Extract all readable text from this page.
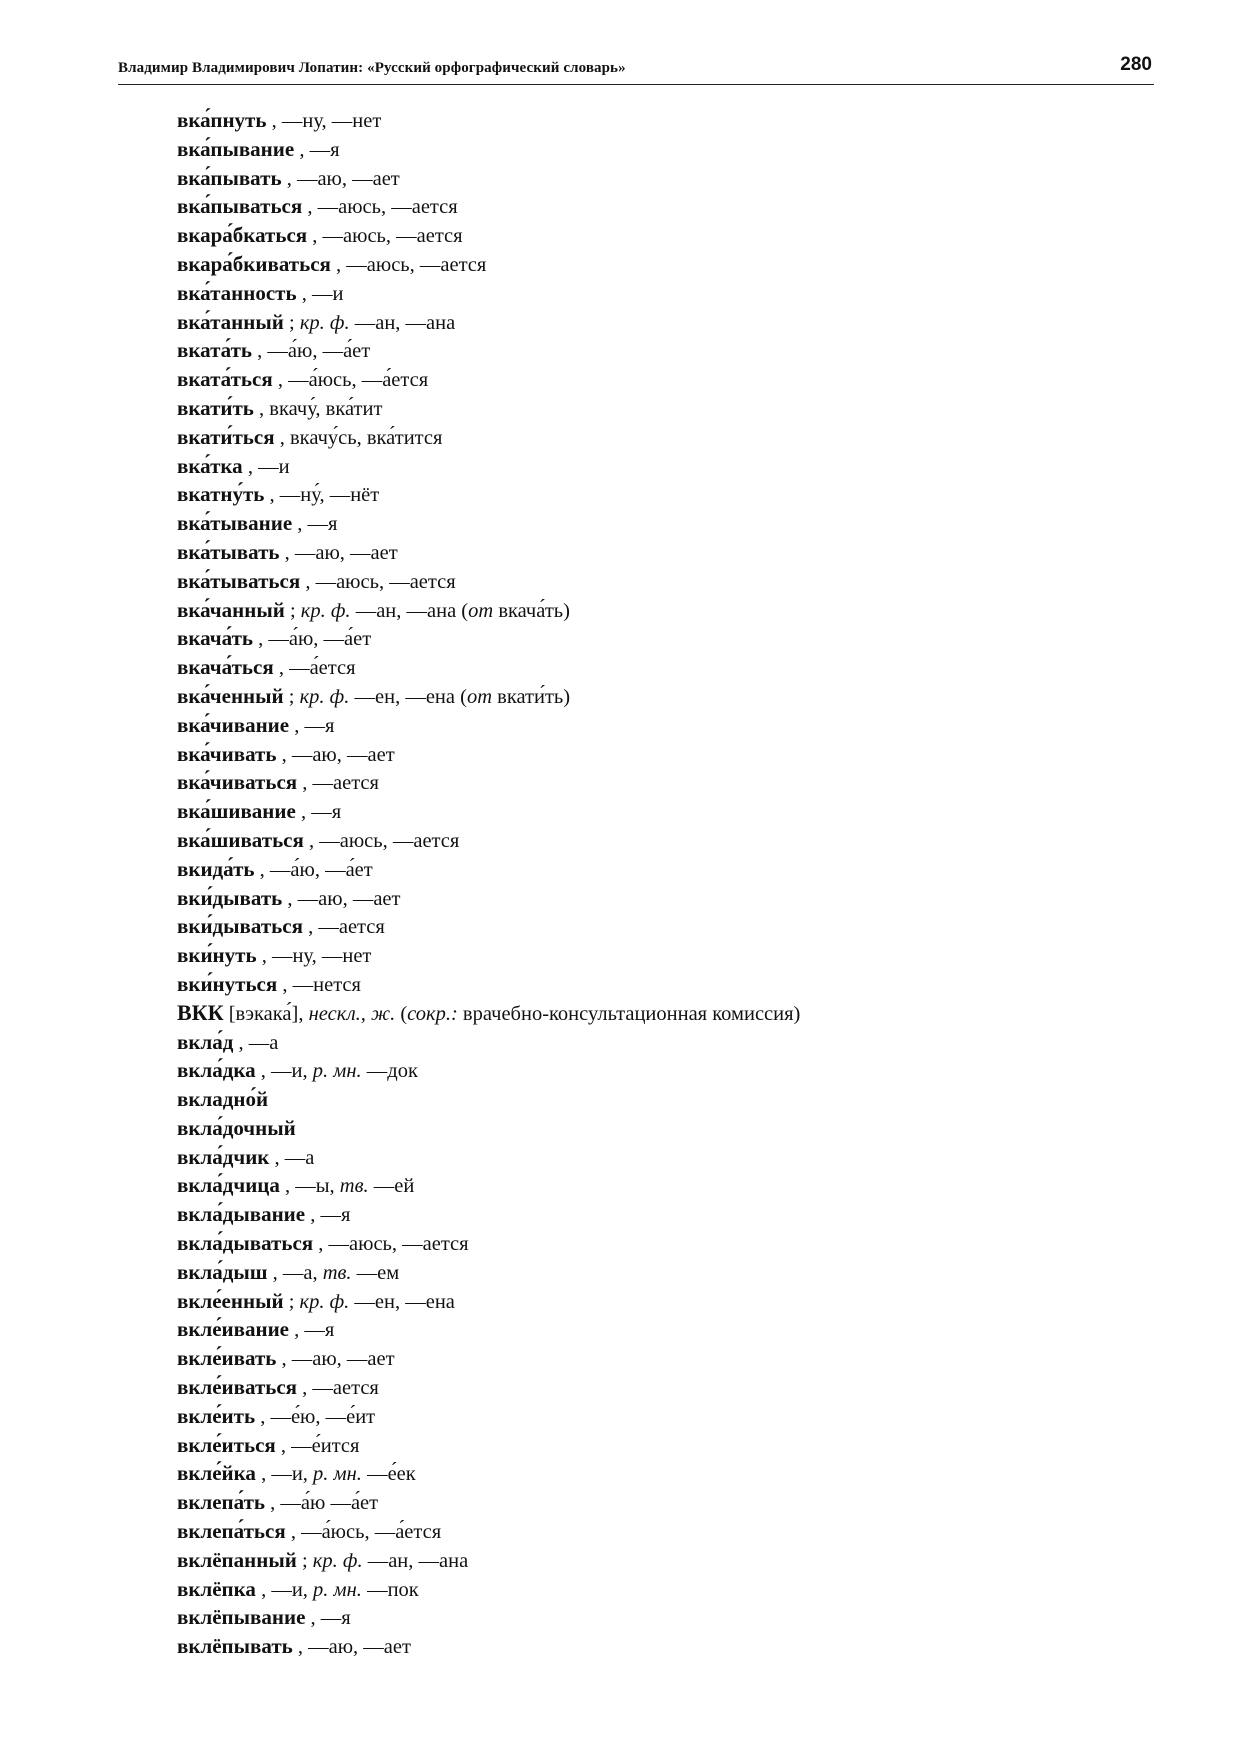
Владимир Владимирович Лопатин: «Русский орфографический словарь»	280
вка́пнуть , —ну, —нет
вка́пывание , —я
вка́пывать , —аю, —ает
вка́пываться , —аюсь, —ается
вкара́бкаться , —аюсь, —ается
вкара́бкиваться , —аюсь, —ается
вка́танность , —и
вка́танный ; кр. ф. —ан, —ана
вката́ть , —а́ю, —а́ет
вката́ться , —а́юсь, —а́ется
вкати́ть , вкачу́, вка́тит
вкати́ться , вкачу́сь, вка́тится
вка́тка , —и
вкатну́ть , —ну́, —нёт
вка́тывание , —я
вка́тывать , —аю, —ает
вка́тываться , —аюсь, —ается
вка́чанный ; кр. ф. —ан, —ана (от вкача́ть)
вкача́ть , —а́ю, —а́ет
вкача́ться , —а́ется
вка́ченный ; кр. ф. —ен, —ена (от вкати́ть)
вка́чивание , —я
вка́чивать , —аю, —ает
вка́чиваться , —ается
вка́шивание , —я
вка́шиваться , —аюсь, —ается
вкида́ть , —а́ю, —а́ет
вки́дывать , —аю, —ает
вки́дываться , —ается
вки́нуть , —ну, —нет
вки́нуться , —нется
ВКК [вэкака́], нескл., ж. (сокр.: врачебно-консультационная комиссия)
вкла́д , —а
вкла́дка , —и, р. мн. —док
вкладно́й
вкла́дочный
вкла́дчик , —а
вкла́дчица , —ы, тв. —ей
вкла́дывание , —я
вкла́дываться , —аюсь, —ается
вкла́дыш , —а, тв. —ем
вкле́енный ; кр. ф. —ен, —ена
вкле́ивание , —я
вкле́ивать , —аю, —ает
вкле́иваться , —ается
вкле́ить , —е́ю, —е́ит
вкле́иться , —е́ится
вкле́йка , —и, р. мн. —е́ек
вклепа́ть , —а́ю —а́ет
вклепа́ться , —а́юсь, —а́ется
вклёпанный ; кр. ф. —ан, —ана
вклёпка , —и, р. мн. —пок
вклёпывание , —я
вклёпывать , —аю, —ает
